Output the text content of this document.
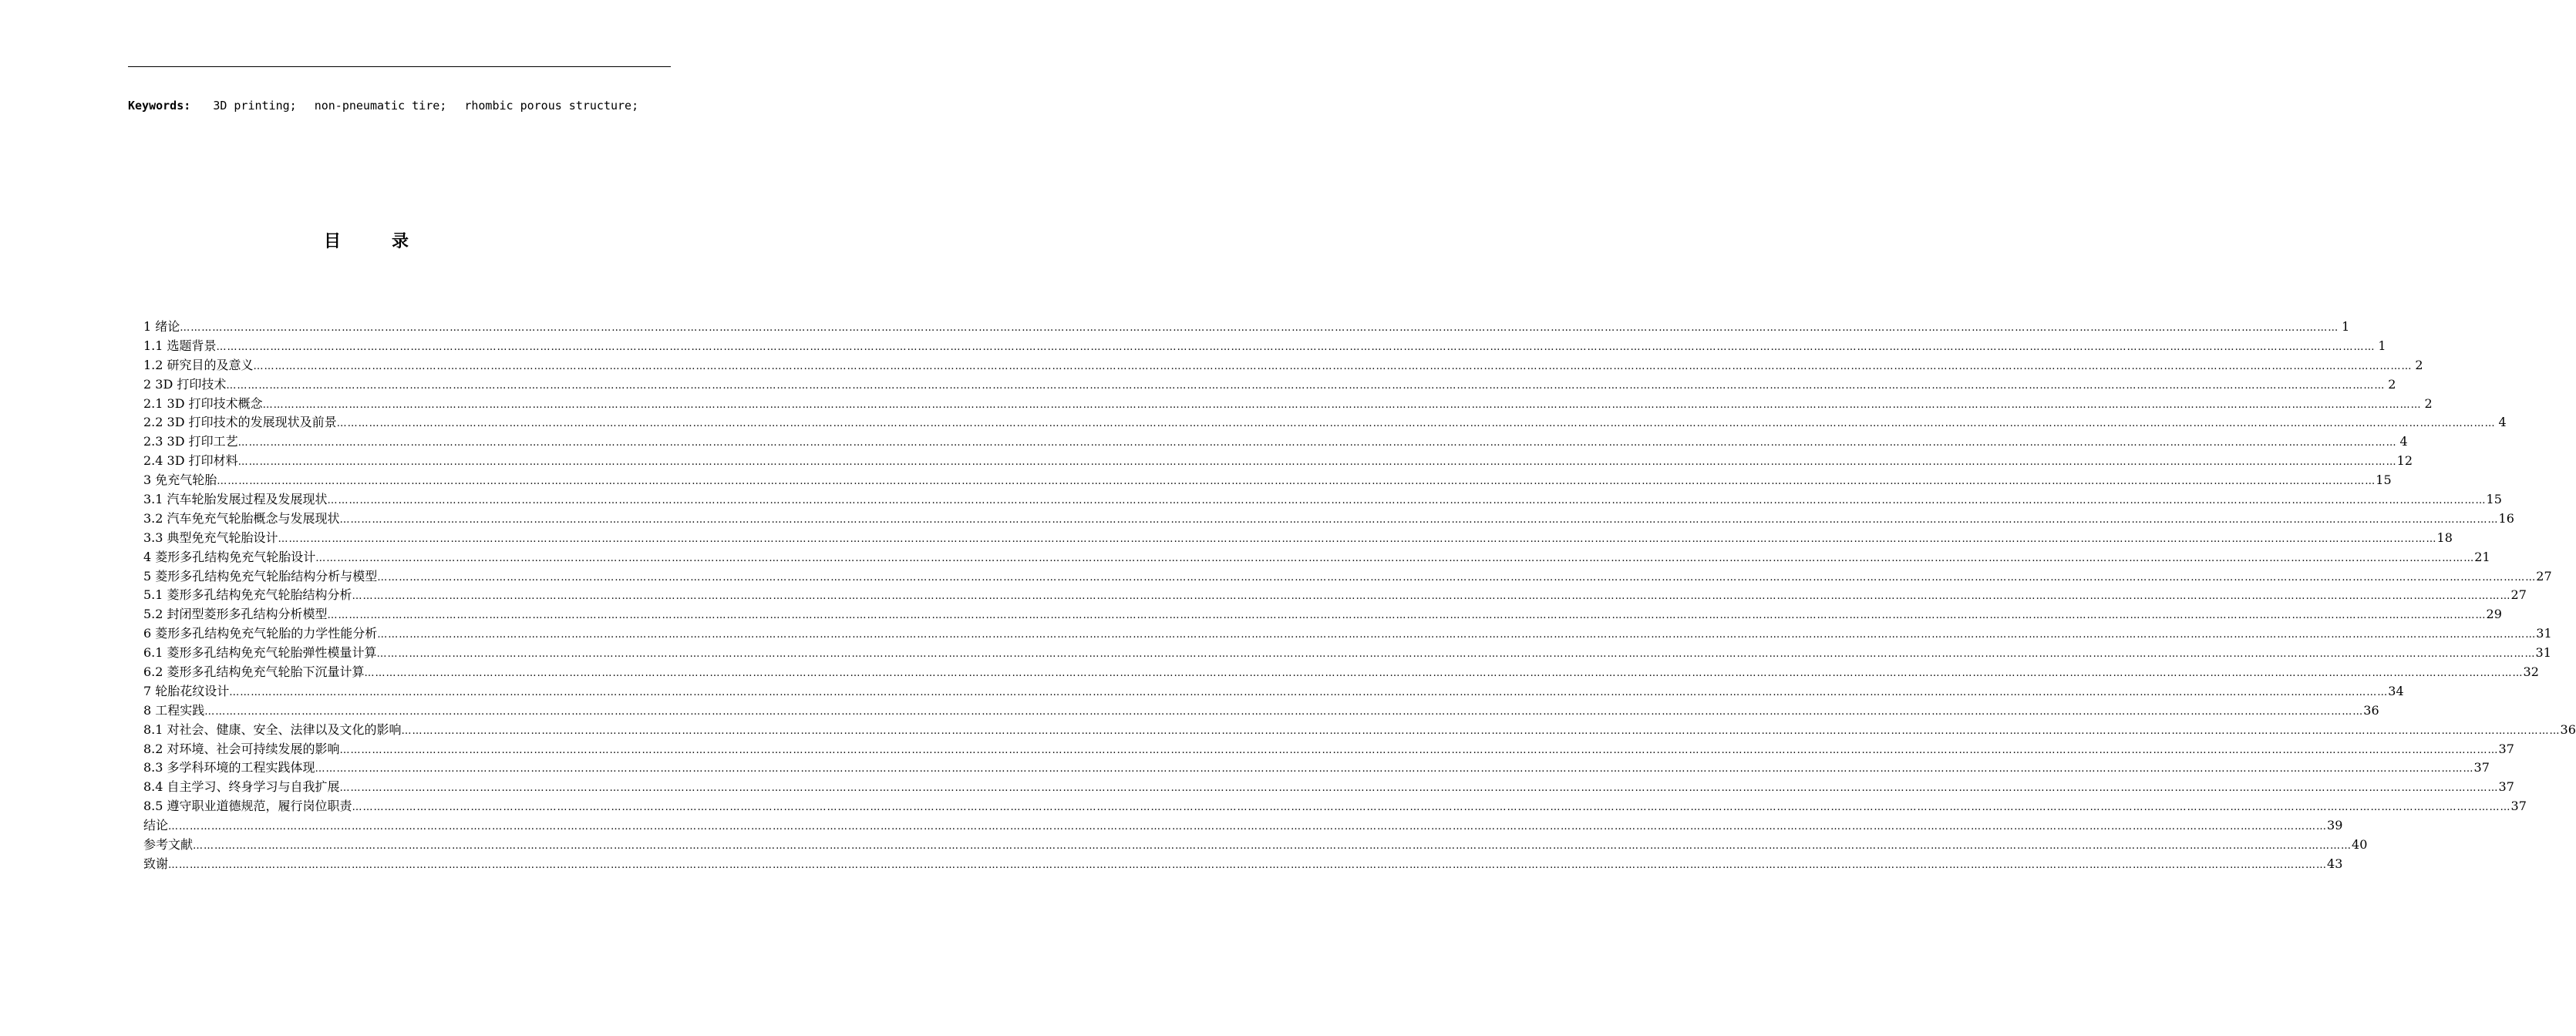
Keywords: 3D printing; non-pneumatic tire; rhombic porous structure;
目	录
1 绪论 …………………………………………………………………………………………………………………………………………………………………………………………………………………………………………………………………………………………………………………………………………………………………………………………………………………………………………………………………………………………………………………………………………………… 1
1.1 选题背景 …………………………………………………………………………………………………………………………………………………………………………………………………………………………………………………………………………………………………………………………………………………………………………………………………………………………………………………………………………………………………………………………………………………… 1
1.2 研究目的及意义 …………………………………………………………………………………………………………………………………………………………………………………………………………………………………………………………………………………………………………………………………………………………………………………………………………………………………………………………………………………………………………………………………………………… 2
2 3D 打印技术 …………………………………………………………………………………………………………………………………………………………………………………………………………………………………………………………………………………………………………………………………………………………………………………………………………………………………………………………………………………………………………………………………………………… 2
2.1 3D 打印技术概念 …………………………………………………………………………………………………………………………………………………………………………………………………………………………………………………………………………………………………………………………………………………………………………………………………………………………………………………………………………………………………………………………………………………… 2
2.2 3D 打印技术的发展现状及前景 …………………………………………………………………………………………………………………………………………………………………………………………………………………………………………………………………………………………………………………………………………………………………………………………………………………………………………………………………………………………………………………………………………………… 4
2.3 3D 打印工艺 …………………………………………………………………………………………………………………………………………………………………………………………………………………………………………………………………………………………………………………………………………………………………………………………………………………………………………………………………………………………………………………………………………………… 4
2.4 3D 打印材料 …………………………………………………………………………………………………………………………………………………………………………………………………………………………………………………………………………………………………………………………………………………………………………………………………………………………………………………………………………………………………………………………………………………… 12
3 免充气轮胎 …………………………………………………………………………………………………………………………………………………………………………………………………………………………………………………………………………………………………………………………………………………………………………………………………………………………………………………………………………………………………………………………………………………… 15
3.1 汽车轮胎发展过程及发展现状 …………………………………………………………………………………………………………………………………………………………………………………………………………………………………………………………………………………………………………………………………………………………………………………………………………………………………………………………………………………………………………………………………………………… 15
3.2 汽车免充气轮胎概念与发展现状 …………………………………………………………………………………………………………………………………………………………………………………………………………………………………………………………………………………………………………………………………………………………………………………………………………………………………………………………………………………………………………………………………………………… 16
3.3 典型免充气轮胎设计 …………………………………………………………………………………………………………………………………………………………………………………………………………………………………………………………………………………………………………………………………………………………………………………………………………………………………………………………………………………………………………………………………………………… 18
4 菱形多孔结构免充气轮胎设计 …………………………………………………………………………………………………………………………………………………………………………………………………………………………………………………………………………………………………………………………………………………………………………………………………………………………………………………………………………………………………………………………………………………… 21
5 菱形多孔结构免充气轮胎结构分析与模型 …………………………………………………………………………………………………………………………………………………………………………………………………………………………………………………………………………………………………………………………………………………………………………………………………………………………………………………………………………………………………………………………………………………… 27
5.1 菱形多孔结构免充气轮胎结构分析 …………………………………………………………………………………………………………………………………………………………………………………………………………………………………………………………………………………………………………………………………………………………………………………………………………………………………………………………………………………………………………………………………………………… 27
5.2 封闭型菱形多孔结构分析模型 …………………………………………………………………………………………………………………………………………………………………………………………………………………………………………………………………………………………………………………………………………………………………………………………………………………………………………………………………………………………………………………………………………………… 29
6 菱形多孔结构免充气轮胎的力学性能分析 …………………………………………………………………………………………………………………………………………………………………………………………………………………………………………………………………………………………………………………………………………………………………………………………………………………………………………………………………………………………………………………………………………………… 31
6.1 菱形多孔结构免充气轮胎弹性模量计算 …………………………………………………………………………………………………………………………………………………………………………………………………………………………………………………………………………………………………………………………………………………………………………………………………………………………………………………………………………………………………………………………………………………… 31
6.2 菱形多孔结构免充气轮胎下沉量计算 …………………………………………………………………………………………………………………………………………………………………………………………………………………………………………………………………………………………………………………………………………………………………………………………………………………………………………………………………………………………………………………………………………………… 32
7 轮胎花纹设计 …………………………………………………………………………………………………………………………………………………………………………………………………………………………………………………………………………………………………………………………………………………………………………………………………………………………………………………………………………………………………………………………………………………… 34
8 工程实践 …………………………………………………………………………………………………………………………………………………………………………………………………………………………………………………………………………………………………………………………………………………………………………………………………………………………………………………………………………………………………………………………………………………… 36
8.1 对社会、健康、安全、法律以及文化的影响 …………………………………………………………………………………………………………………………………………………………………………………………………………………………………………………………………………………………………………………………………………………………………………………………………………………………………………………………………………………………………………………………………………………… 36
8.2 对环境、社会可持续发展的影响 …………………………………………………………………………………………………………………………………………………………………………………………………………………………………………………………………………………………………………………………………………………………………………………………………………………………………………………………………………………………………………………………………………………… 37
8.3 多学科环境的工程实践体现 …………………………………………………………………………………………………………………………………………………………………………………………………………………………………………………………………………………………………………………………………………………………………………………………………………………………………………………………………………………………………………………………………………………… 37
8.4 自主学习、终身学习与自我扩展 …………………………………………………………………………………………………………………………………………………………………………………………………………………………………………………………………………………………………………………………………………………………………………………………………………………………………………………………………………………………………………………………………………………… 37
8.5 遵守职业道德规范，履行岗位职责 …………………………………………………………………………………………………………………………………………………………………………………………………………………………………………………………………………………………………………………………………………………………………………………………………………………………………………………………………………………………………………………………………………………… 37
结论 …………………………………………………………………………………………………………………………………………………………………………………………………………………………………………………………………………………………………………………………………………………………………………………………………………………………………………………………………………………………………………………………………………………… 39
参考文献 …………………………………………………………………………………………………………………………………………………………………………………………………………………………………………………………………………………………………………………………………………………………………………………………………………………………………………………………………………………………………………………………………………………… 40
致谢 …………………………………………………………………………………………………………………………………………………………………………………………………………………………………………………………………………………………………………………………………………………………………………………………………………………………………………………………………………………………………………………………………………………… 43
